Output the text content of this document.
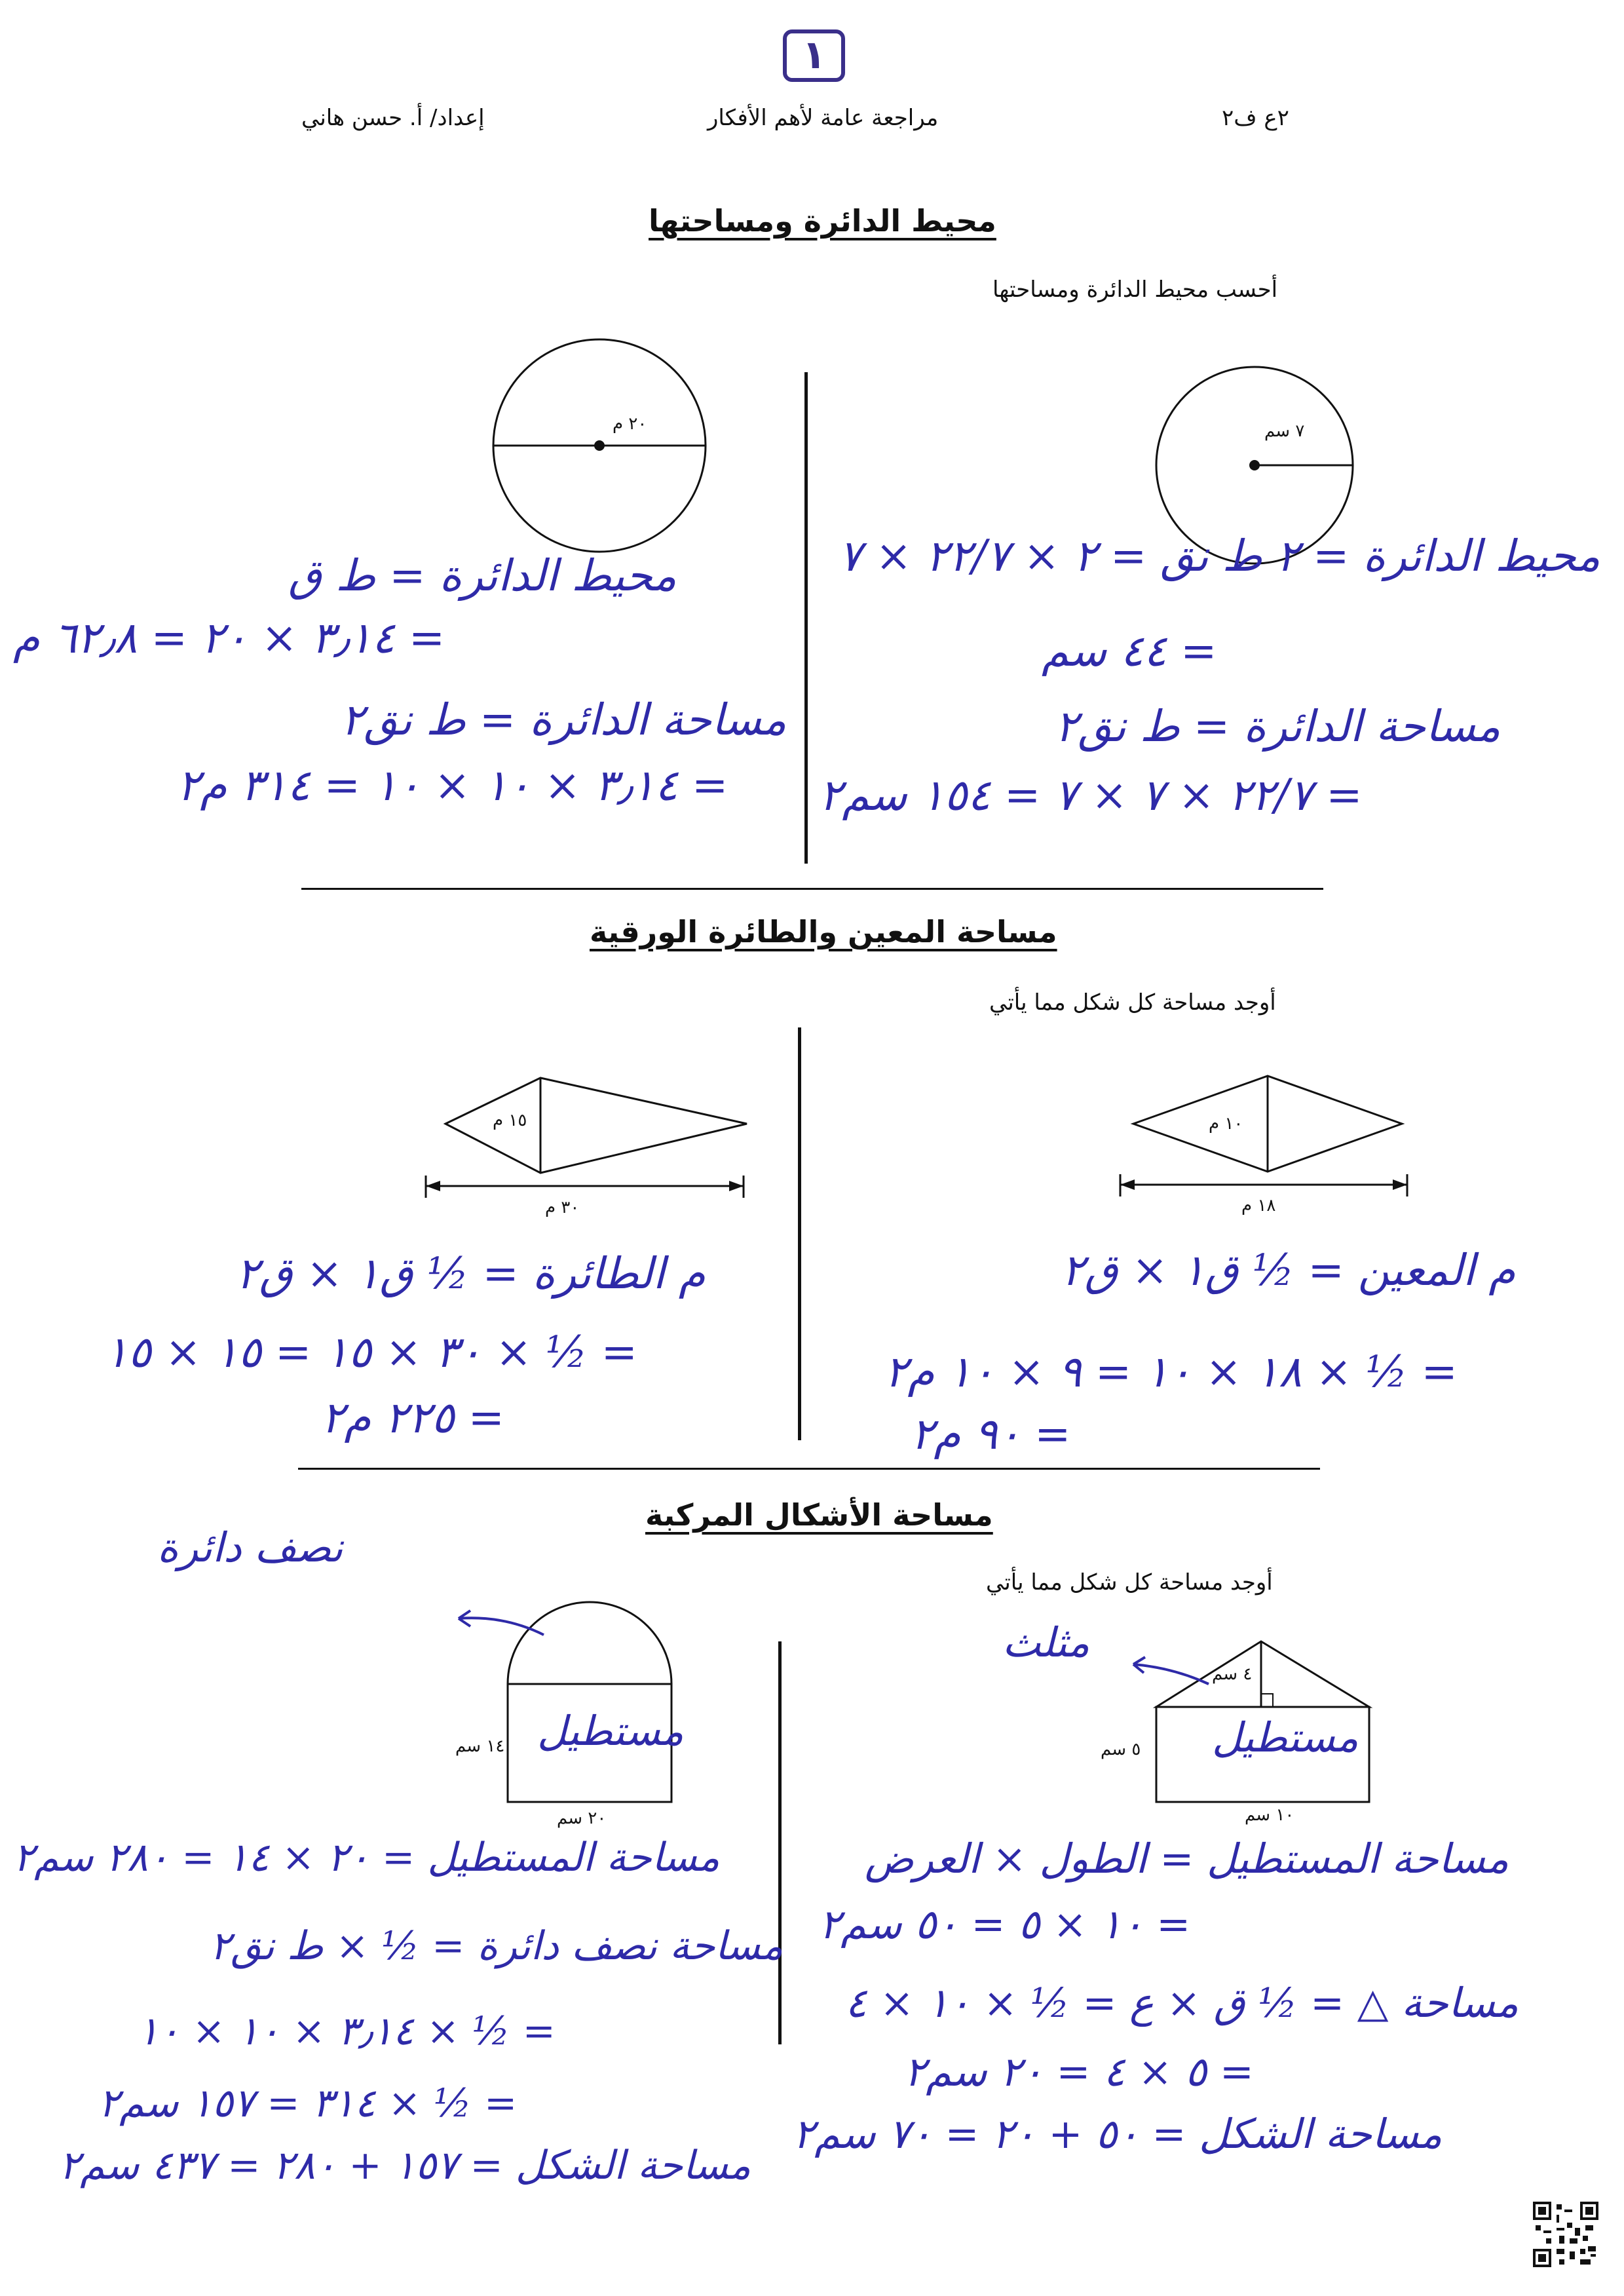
١
٢ع ف٢
مراجعة عامة لأهم الأفكار
إعداد/ أ. حسن هاني
محيط الدائرة ومساحتها
أحسب محيط الدائرة ومساحتها
٧ سم
٢٠ م
محيط الدائرة = ٢ ط نق = ٢ × ٢٢/٧ × ٧
= ٤٤ سم
مساحة الدائرة = ط نق٢
= ٢٢/٧ × ٧ × ٧ = ١٥٤ سم٢
محيط الدائرة = ط ق
= ٣٫١٤ × ٢٠ = ٦٢٫٨ م
مساحة الدائرة = ط نق٢
= ٣٫١٤ × ١٠ × ١٠ = ٣١٤ م٢
مساحة المعين والطائرة الورقية
أوجد مساحة كل شكل مما يأتي
١٠ م
١٨ م
١٥ م
٣٠ م
م المعين = ½ ق١ × ق٢
= ½ × ١٨ × ١٠ = ٩ × ١٠ م٢
= ٩٠ م٢
م الطائرة = ½ ق١ × ق٢
= ½ × ٣٠ × ١٥ = ١٥ × ١٥
= ٢٢٥ م٢
مساحة الأشكال المركبة
أوجد مساحة كل شكل مما يأتي
٤ سم
٥ سم
١٠ سم
مستطيل
مثلث
١٤ سم
٢٠ سم
مستطيل
نصف دائرة
مساحة المستطيل = الطول × العرض
= ١٠ × ٥ = ٥٠ سم٢
مساحة △ = ½ ق × ع = ½ × ١٠ × ٤
= ٥ × ٤ = ٢٠ سم٢
مساحة الشكل = ٥٠ + ٢٠ = ٧٠ سم٢
مساحة المستطيل = ٢٠ × ١٤ = ٢٨٠ سم٢
مساحة نصف دائرة = ½ × ط نق٢
= ½ × ٣٫١٤ × ١٠ × ١٠
= ½ × ٣١٤ = ١٥٧ سم٢
مساحة الشكل = ١٥٧ + ٢٨٠ = ٤٣٧ سم٢
